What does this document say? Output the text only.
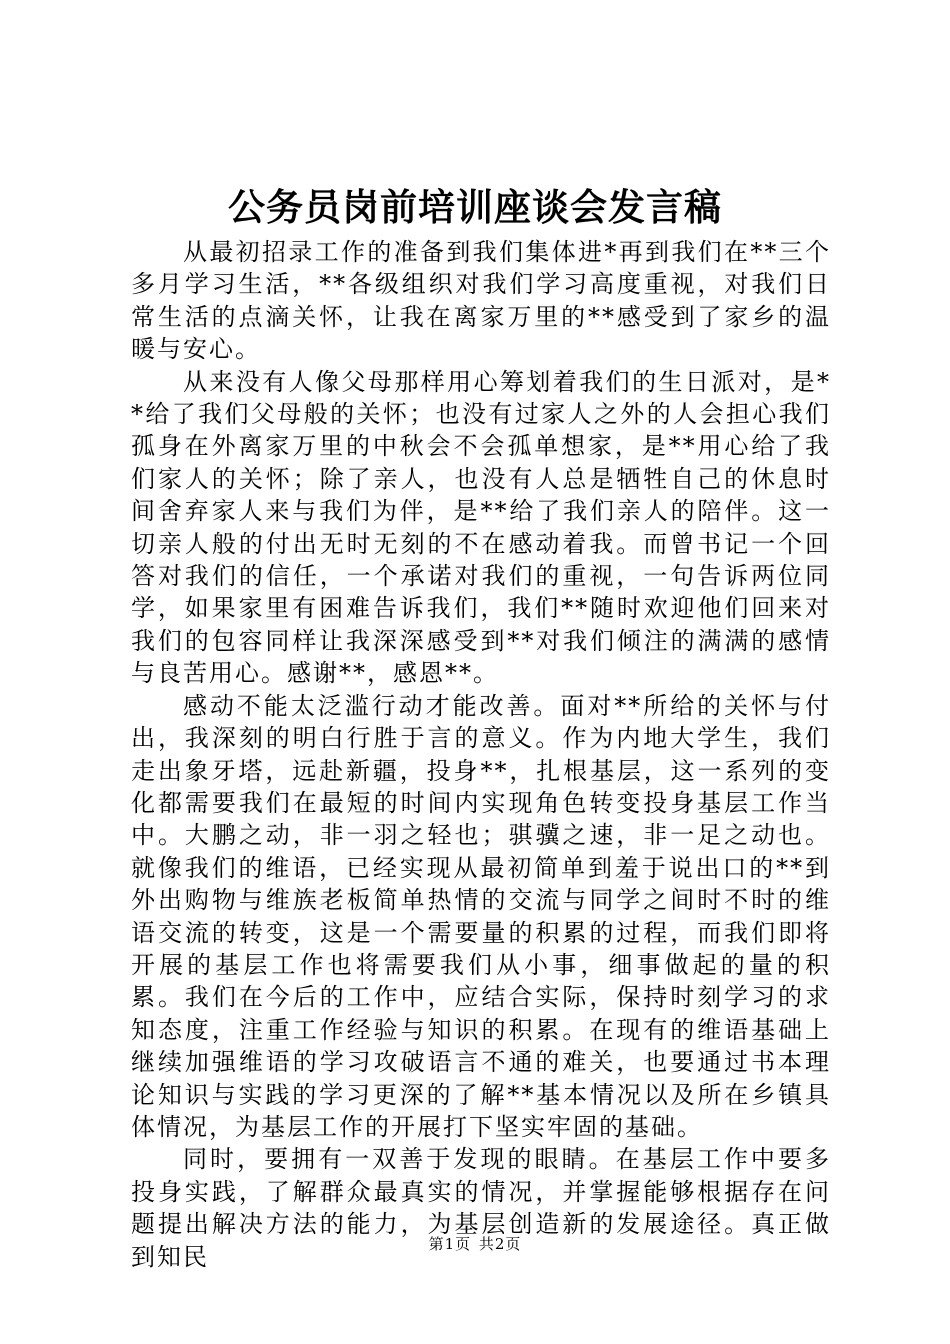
公务员岗前培训座谈会发言稿

从最初招录工作的准备到我们集体进*再到我们在**三个多月学习生活，**各级组织对我们学习高度重视，对我们日常生活的点滴关怀，让我在离家万里的**感受到了家乡的温暖与安心。

从来没有人像父母那样用心筹划着我们的生日派对，是**给了我们父母般的关怀；也没有过家人之外的人会担心我们孤身在外离家万里的中秋会不会孤单想家，是**用心给了我们家人的关怀；除了亲人，也没有人总是牺牲自己的休息时间舍弃家人来与我们为伴，是**给了我们亲人的陪伴。这一切亲人般的付出无时无刻的不在感动着我。而曾书记一个回答对我们的信任，一个承诺对我们的重视，一句告诉两位同学，如果家里有困难告诉我们，我们**随时欢迎他们回来对我们的包容同样让我深深感受到**对我们倾注的满满的感情与良苦用心。感谢**，感恩**。

感动不能太泛滥行动才能改善。面对**所给的关怀与付出，我深刻的明白行胜于言的意义。作为内地大学生，我们走出象牙塔，远赴新疆，投身**，扎根基层，这一系列的变化都需要我们在最短的时间内实现角色转变投身基层工作当中。大鹏之动，非一羽之轻也；骐骥之速，非一足之动也。就像我们的维语，已经实现从最初简单到羞于说出口的**到外出购物与维族老板简单热情的交流与同学之间时不时的维语交流的转变，这是一个需要量的积累的过程，而我们即将开展的基层工作也将需要我们从小事，细事做起的量的积累。我们在今后的工作中，应结合实际，保持时刻学习的求知态度，注重工作经验与知识的积累。在现有的维语基础上继续加强维语的学习攻破语言不通的难关，也要通过书本理论知识与实践的学习更深的了解**基本情况以及所在乡镇具体情况，为基层工作的开展打下坚实牢固的基础。

同时，要拥有一双善于发现的眼睛。在基层工作中要多投身实践，了解群众最真实的情况，并掌握能够根据存在问题提出解决方法的能力，为基层创造新的发展途径。真正做到知民	第1页 共2页
